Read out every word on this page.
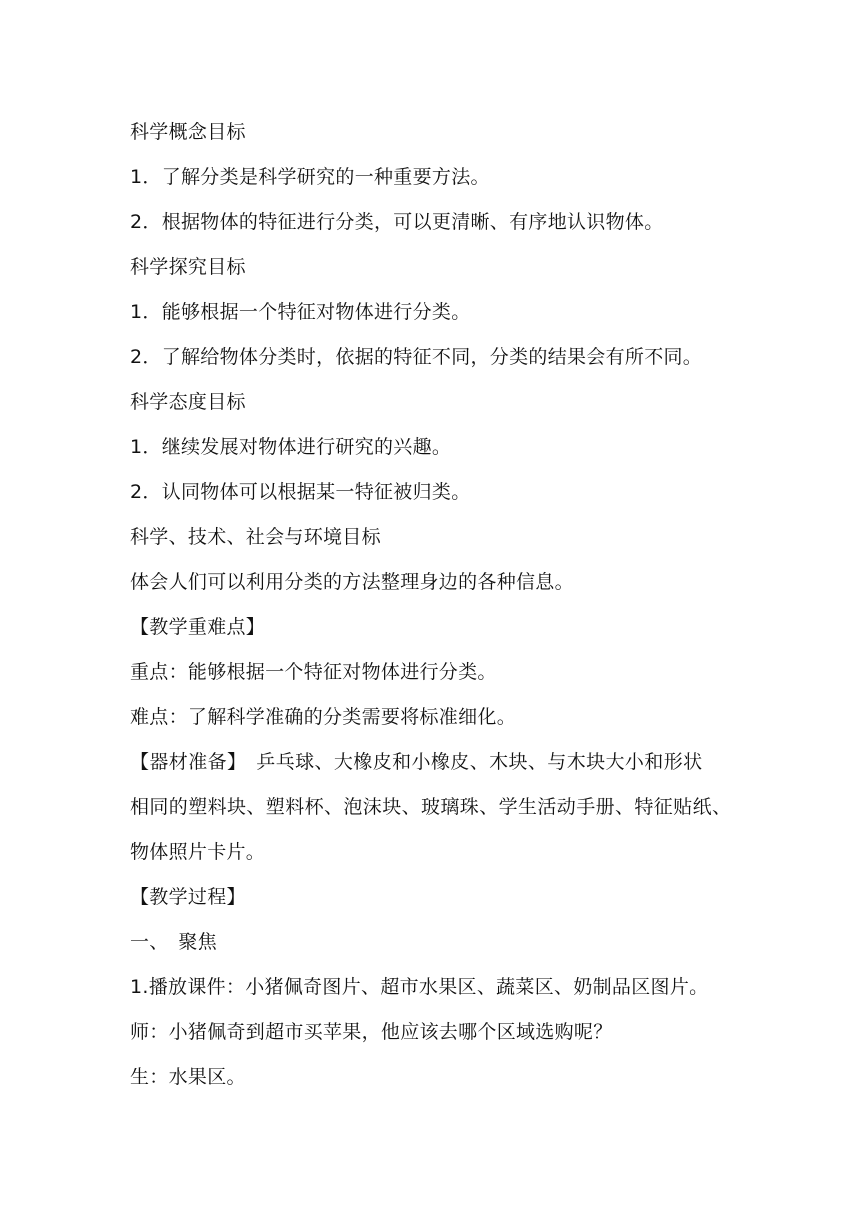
科学概念目标
1．了解分类是科学研究的一种重要方法。
2．根据物体的特征进行分类，可以更清晰、有序地认识物体。
科学探究目标
1．能够根据一个特征对物体进行分类。
2．了解给物体分类时，依据的特征不同，分类的结果会有所不同。
科学态度目标
1．继续发展对物体进行研究的兴趣。
2．认同物体可以根据某一特征被归类。
科学、技术、社会与环境目标
体会人们可以利用分类的方法整理身边的各种信息。
【教学重难点】
重点：能够根据一个特征对物体进行分类。
难点：了解科学准确的分类需要将标准细化。
【器材准备】　乒乓球、大橡皮和小橡皮、木块、与木块大小和形状
相同的塑料块、塑料杯、泡沫块、玻璃珠、学生活动手册、特征贴纸、
物体照片卡片。
【教学过程】
一、　聚焦
1.播放课件：小猪佩奇图片、超市水果区、蔬菜区、奶制品区图片。
师：小猪佩奇到超市买苹果，他应该去哪个区域选购呢？
生：水果区。
